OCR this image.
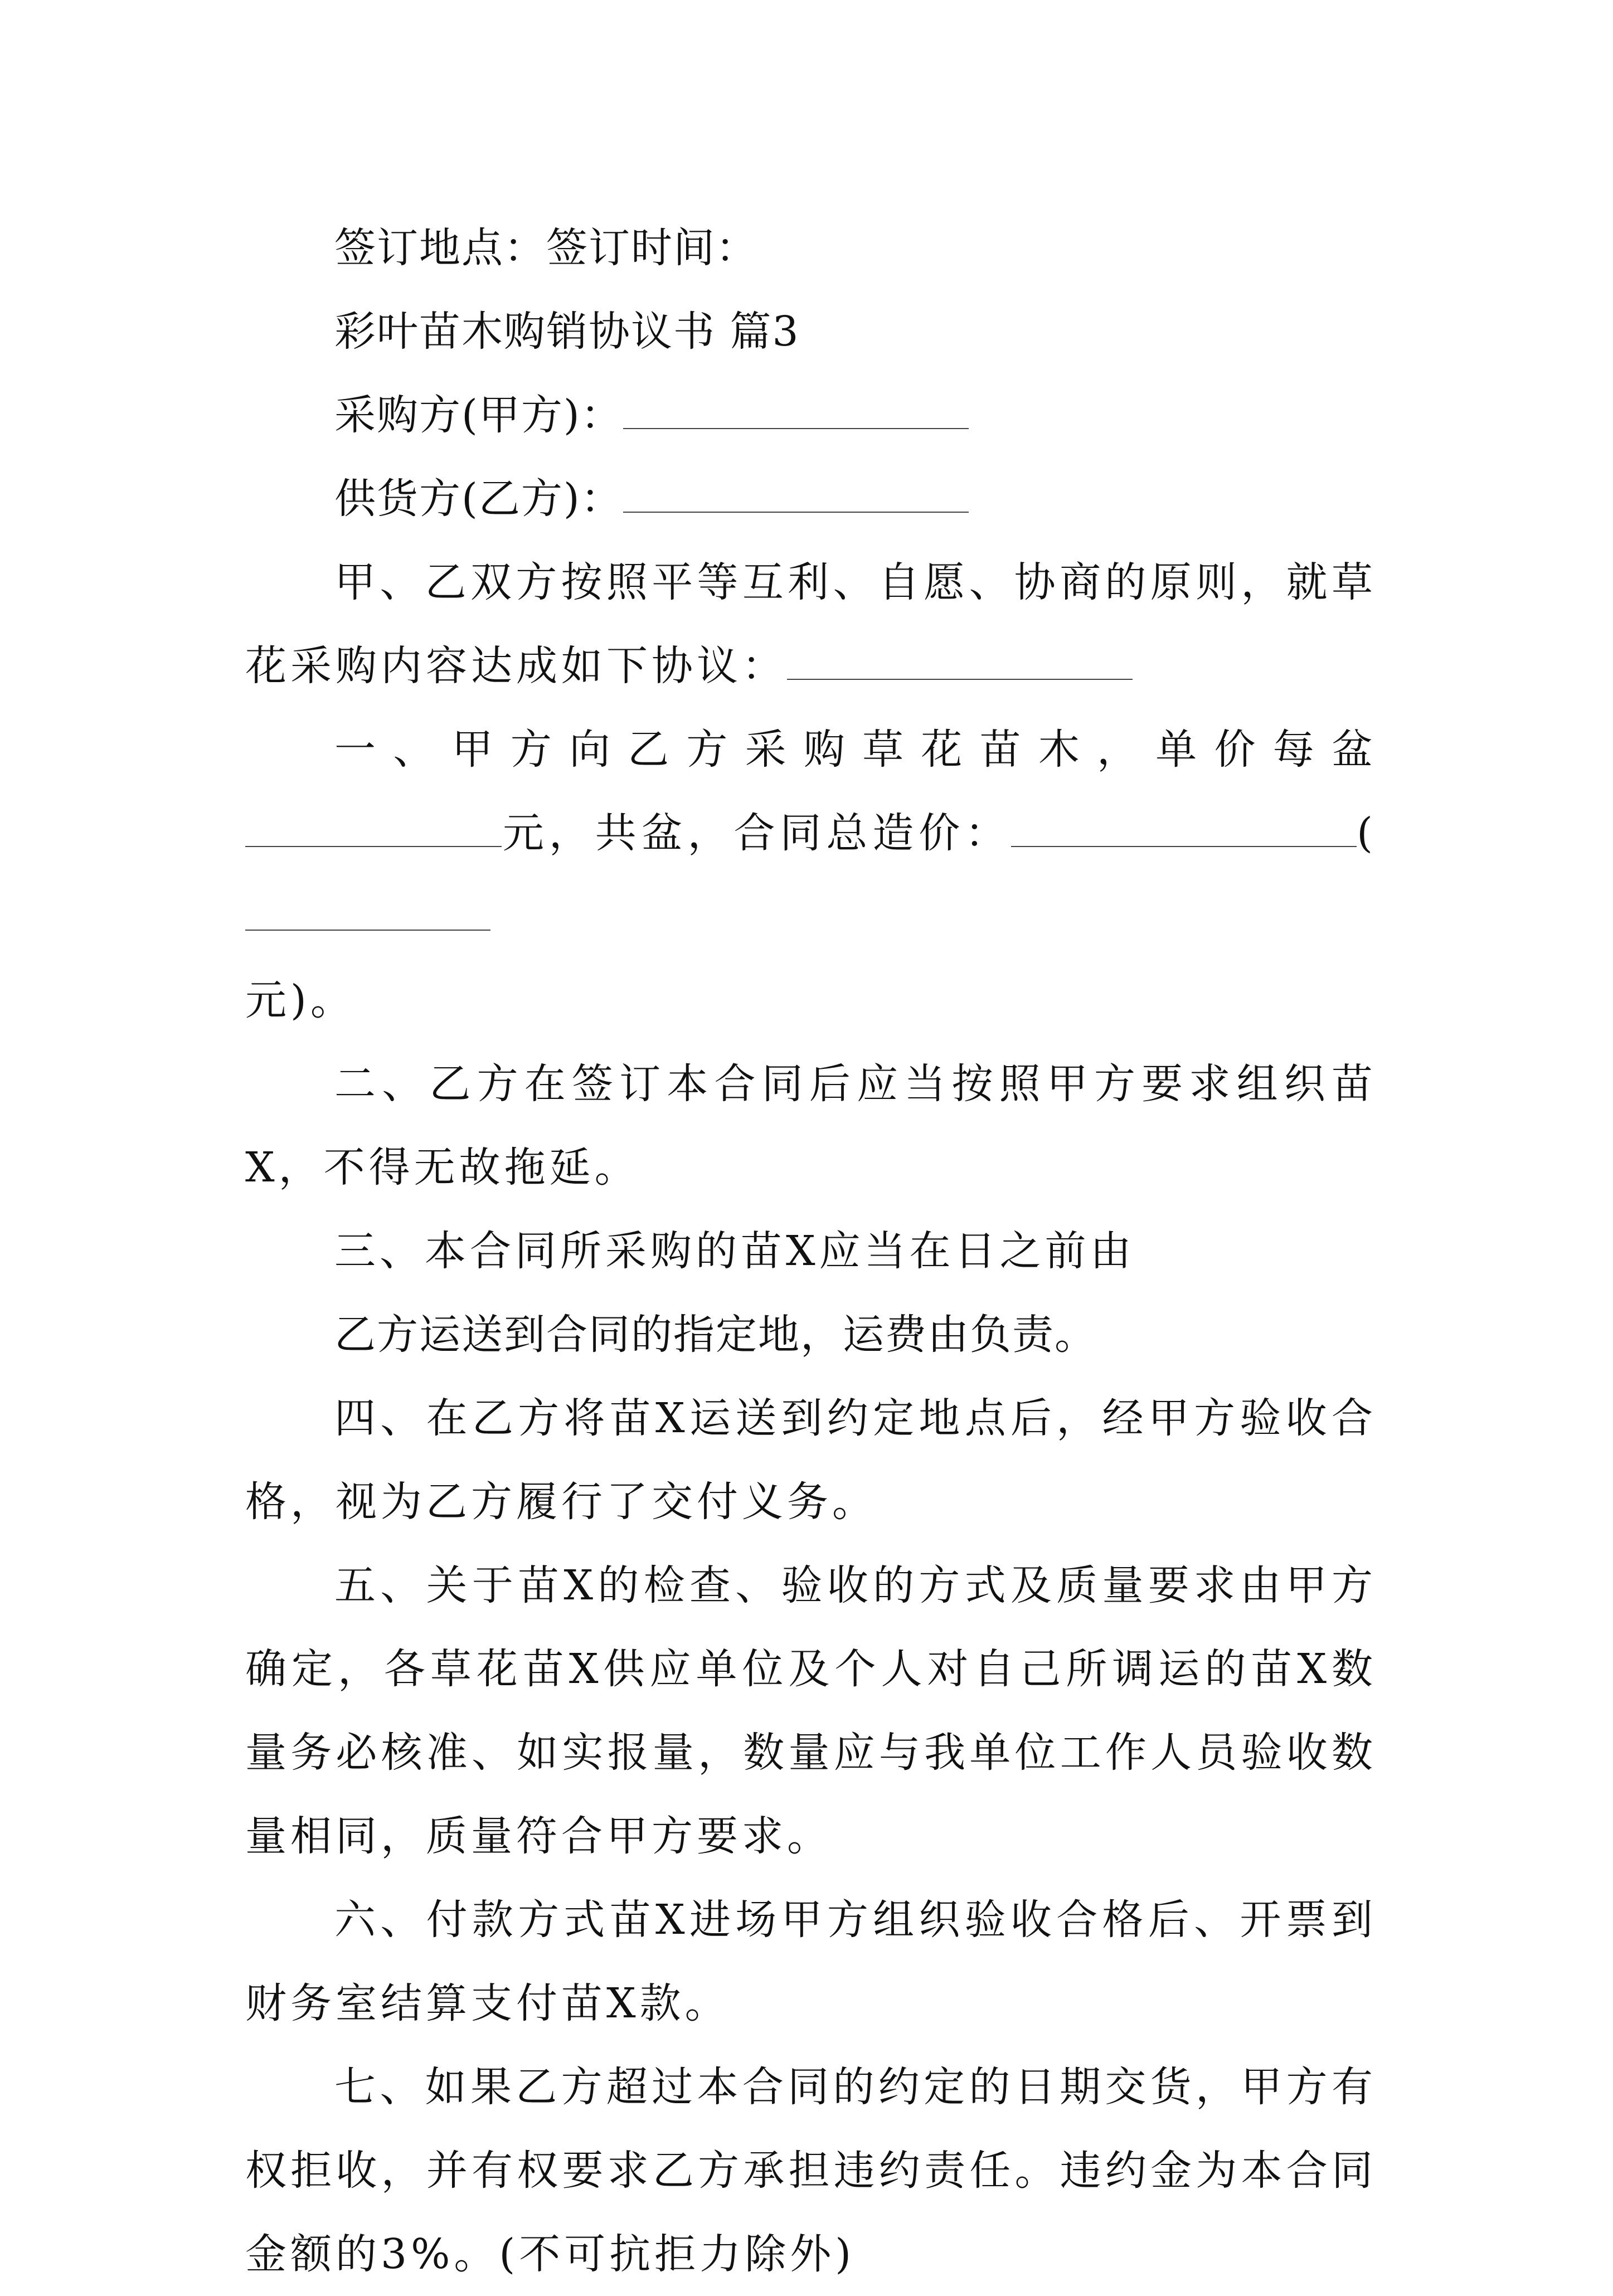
签订地点：签订时间：
彩叶苗木购销协议书 篇3
采购方(甲方)：
供货方(乙方)：
甲、乙双方按照平等互利、自愿、协商的原则，就草花采购内容达成如下协议：
一、甲方向乙方采购草花苗木，单价每盆元，共盆，合同总造价：	(
元)。
二、乙方在签订本合同后应当按照甲方要求组织苗X，不得无故拖延。
三、本合同所采购的苗X应当在日之前由
乙方运送到合同的指定地，运费由负责。
四、在乙方将苗X运送到约定地点后，经甲方验收合格，视为乙方履行了交付义务。
五、关于苗X的检查、验收的方式及质量要求由甲方确定，各草花苗X供应单位及个人对自己所调运的苗X数量务必核准、如实报量，数量应与我单位工作人员验收数量相同，质量符合甲方要求。
六、付款方式苗X进场甲方组织验收合格后、开票到财务室结算支付苗X款。
七、如果乙方超过本合同的约定的日期交货，甲方有权拒收，并有权要求乙方承担违约责任。违约金为本合同金额的3%。(不可抗拒力除外)
